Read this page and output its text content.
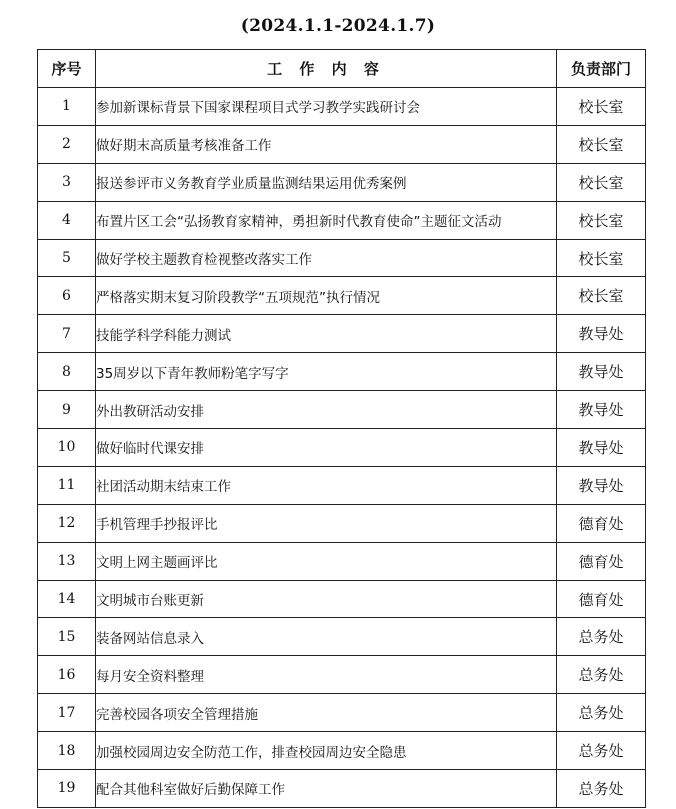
(2024.1.1-2024.1.7)
序号	工 作 内 容	负责部门
1	参加新课标背景下国家课程项目式学习教学实践研讨会	校长室
2	做好期末高质量考核准备工作	校长室
3	报送参评市义务教育学业质量监测结果运用优秀案例	校长室
4	布置片区工会“弘扬教育家精神，勇担新时代教育使命”主题征文活动	校长室
5	做好学校主题教育检视整改落实工作	校长室
6	严格落实期末复习阶段教学“五项规范”执行情况	校长室
7	技能学科学科能力测试	教导处
8	35周岁以下青年教师粉笔字写字	教导处
9	外出教研活动安排	教导处
10	做好临时代课安排	教导处
11	社团活动期末结束工作	教导处
12	手机管理手抄报评比	德育处
13	文明上网主题画评比	德育处
14	文明城市台账更新	德育处
15	装备网站信息录入	总务处
16	每月安全资料整理	总务处
17	完善校园各项安全管理措施	总务处
18	加强校园周边安全防范工作，排查校园周边安全隐患	总务处
19	配合其他科室做好后勤保障工作	总务处
